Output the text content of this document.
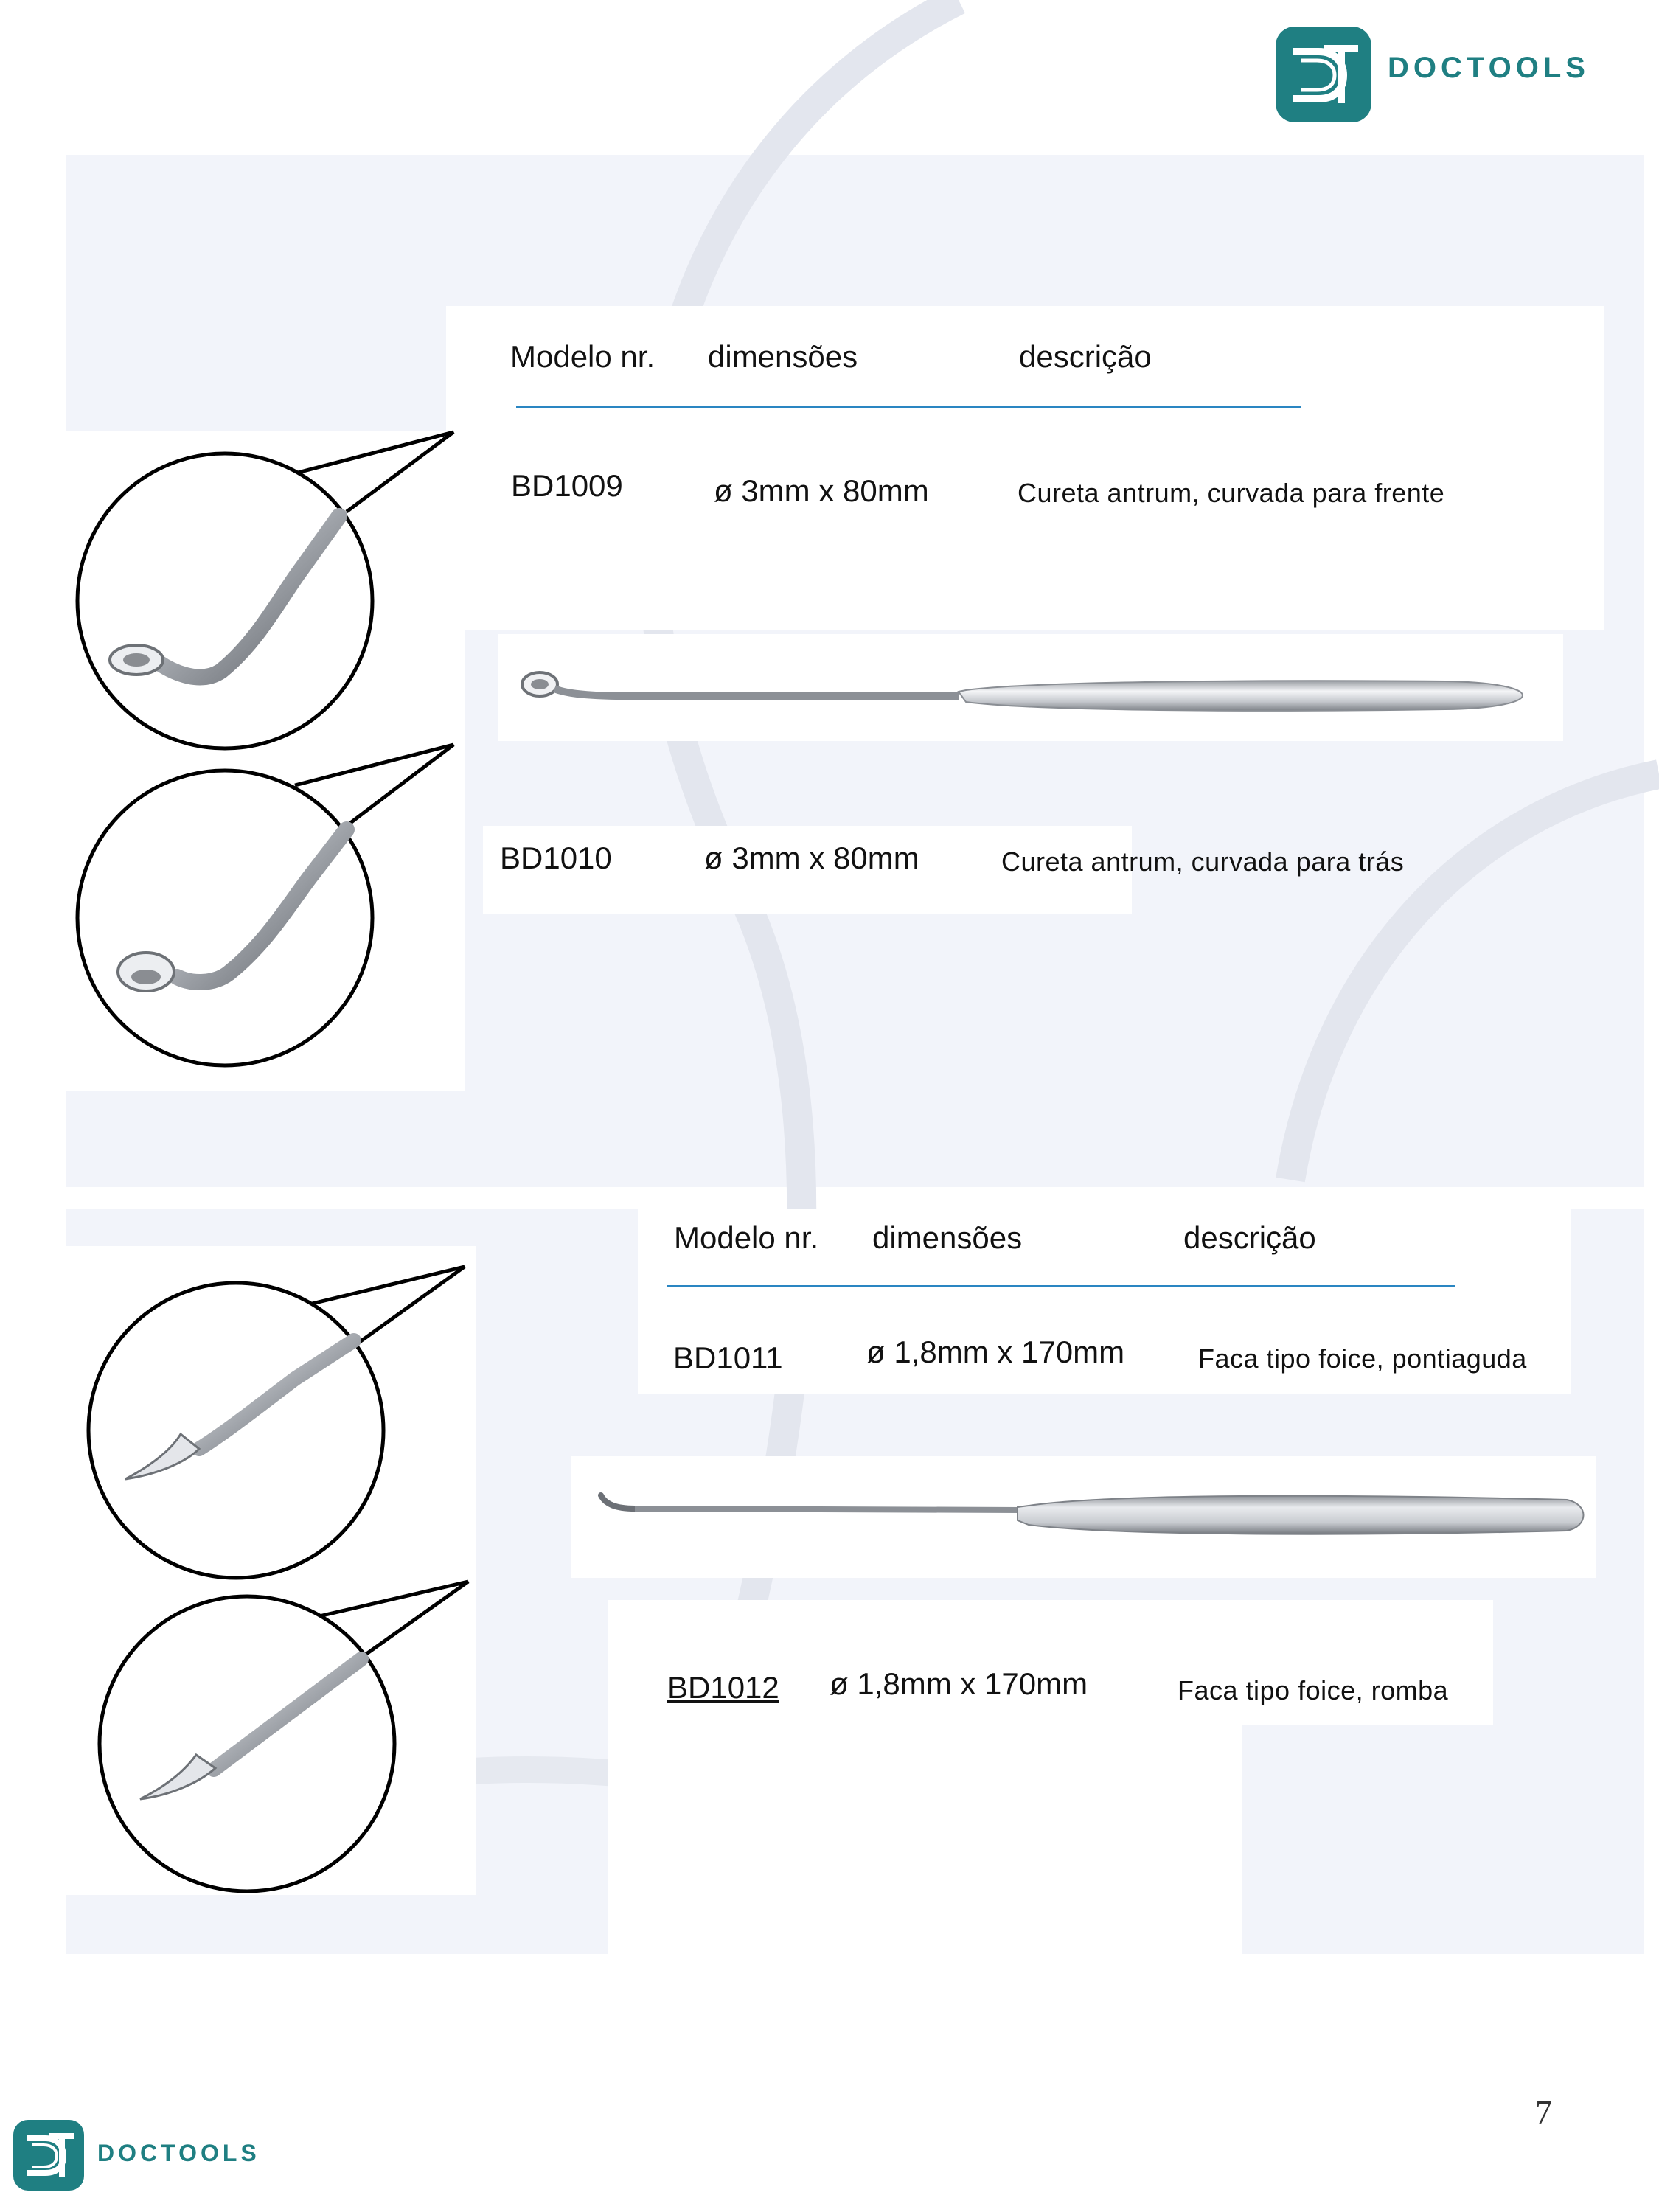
DOCTOOLS
Modelo nr. dimensões	descrição
BD1009	ø 3mm x 80mm	Cureta antrum, curvada para frente
BD1010	ø 3mm x 80mm	Cureta antrum, curvada para trás
Modelo nr. dimensões	descrição
BD1011	ø 1,8mm x 170mm	Faca tipo foice, pontiaguda
BD1012 ø 1,8mm x 170mm	Faca tipo foice, romba
DOCTOOLS
7
